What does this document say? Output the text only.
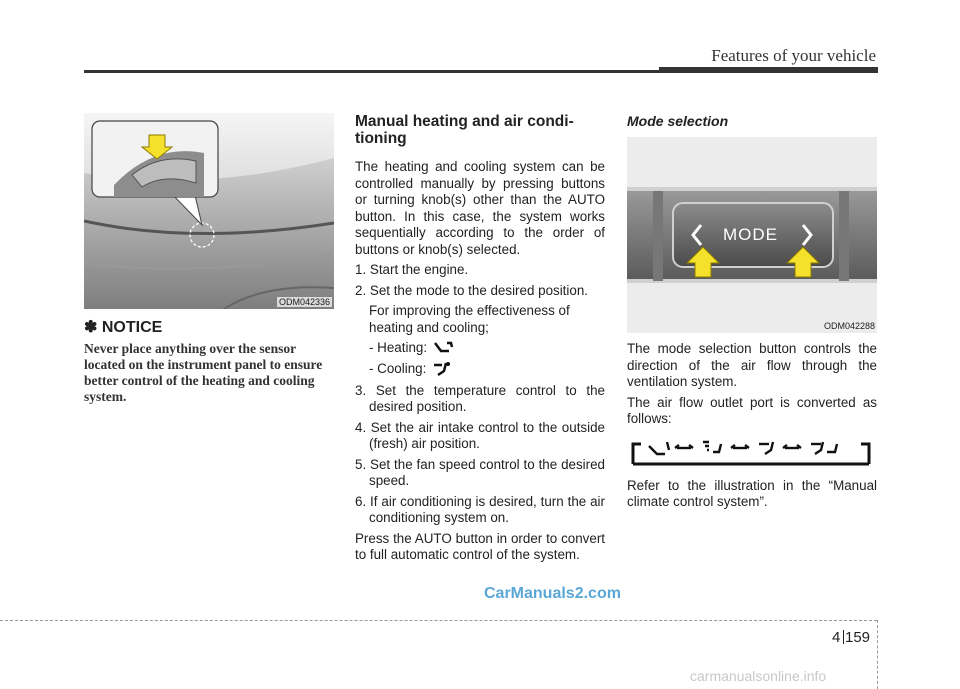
Features of your vehicle
ODM042336
✽ NOTICE
Never place anything over the sensor located on the instrument panel to ensure better control of the heating and cooling system.
Manual heating and air conditioning

The heating and cooling system can be controlled manually by pressing buttons or turning knob(s) other than the AUTO button. In this case, the system works sequentially according to the order of buttons or knob(s) selected.

1. Start the engine.
2. Set the mode to the desired position.
For improving the effectiveness of heating and cooling;
- Heating:
- Cooling:
3. Set the temperature control to the desired position.
4. Set the air intake control to the outside (fresh) air position.
5. Set the fan speed control to the desired speed.
6. If air conditioning is desired, turn the air conditioning system on.

Press the AUTO button in order to convert to full automatic control of the system.

Mode selection
MODE
ODM042288

The mode selection button controls the direction of the air flow through the ventilation system.

The air flow outlet port is converted as follows:

Refer to the illustration in the “Manual climate control system”.

CarManuals2.com
4 159
carmanualsonline.info
